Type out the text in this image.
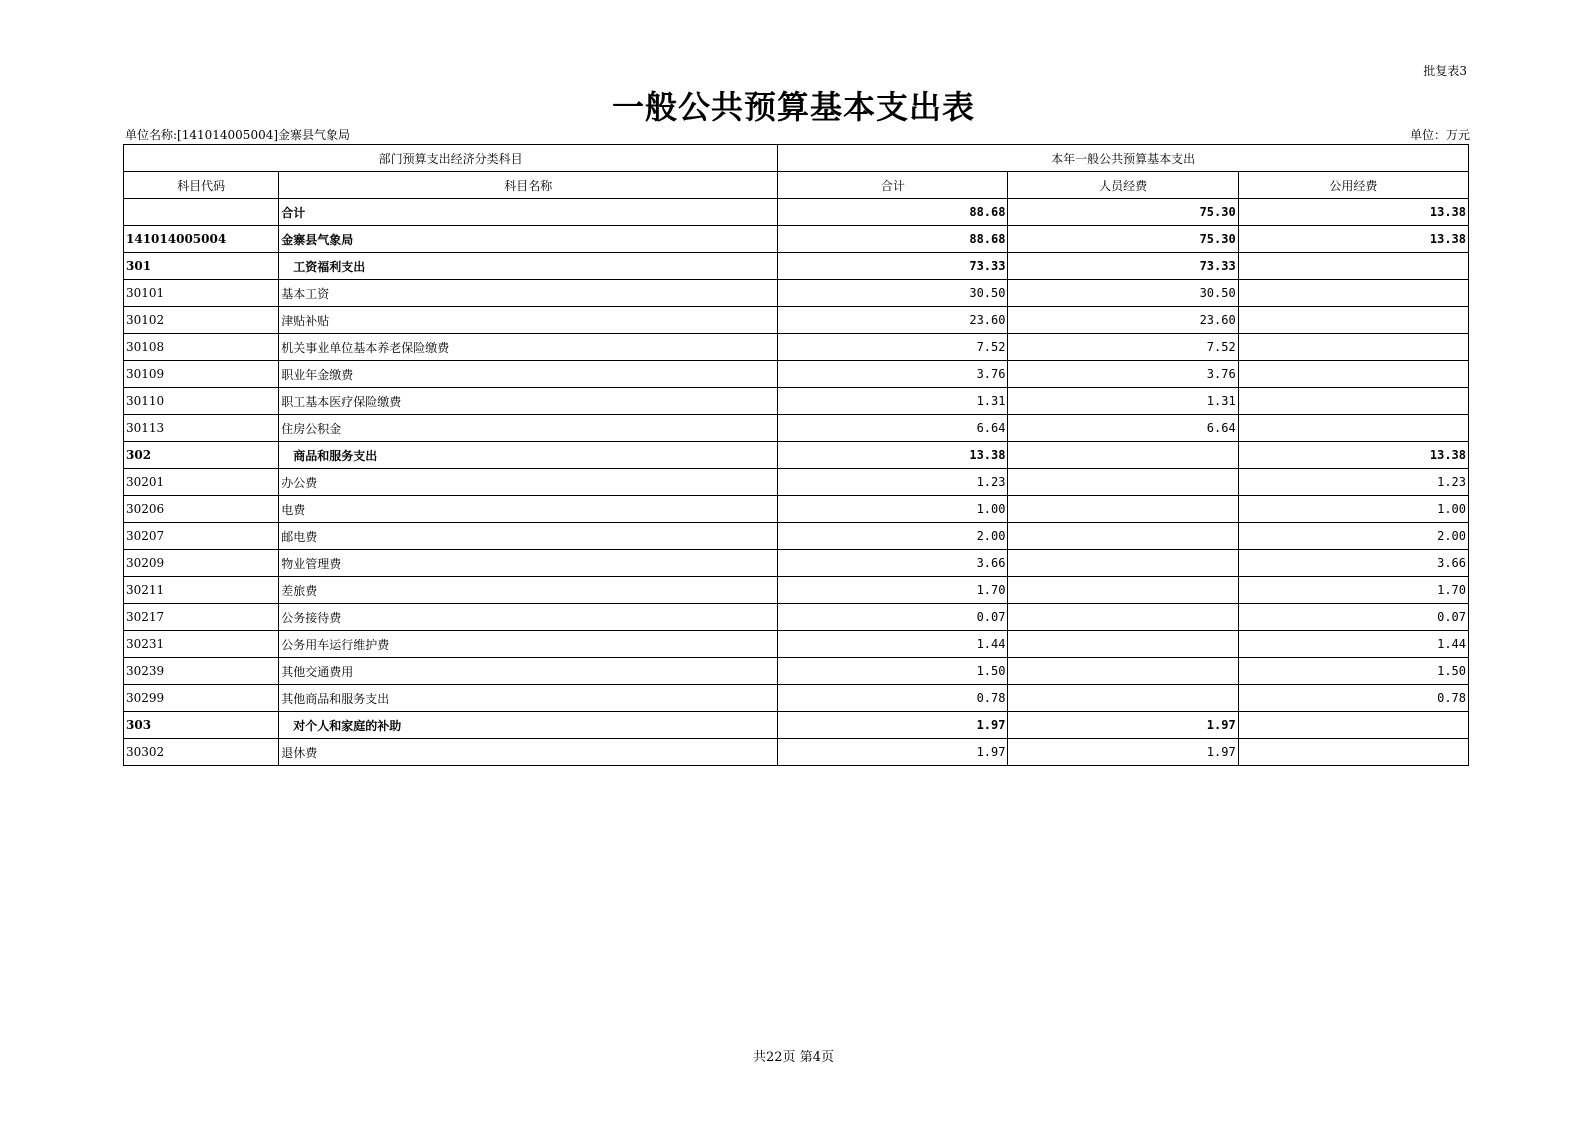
批复表3
一般公共预算基本支出表
单位名称:[141014005004]金寨县气象局	单位：万元
部门预算支出经济分类科目		本年一般公共预算基本支出		
科目代码	科目名称	合计	人员经费	公用经费
	合计	88.68	75.30	13.38
141014005004	金寨县气象局	88.68	75.30	13.38
301	工资福利支出	73.33	73.33	
30101	基本工资	30.50	30.50	
30102	津贴补贴	23.60	23.60	
30108	机关事业单位基本养老保险缴费	7.52	7.52	
30109	职业年金缴费	3.76	3.76	
30110	职工基本医疗保险缴费	1.31	1.31	
30113	住房公积金	6.64	6.64	
302	商品和服务支出	13.38		13.38
30201	办公费	1.23		1.23
30206	电费	1.00		1.00
30207	邮电费	2.00		2.00
30209	物业管理费	3.66		3.66
30211	差旅费	1.70		1.70
30217	公务接待费	0.07		0.07
30231	公务用车运行维护费	1.44		1.44
30239	其他交通费用	1.50		1.50
30299	其他商品和服务支出	0.78		0.78
303	对个人和家庭的补助	1.97	1.97	
30302	退休费	1.97	1.97	
共22页 第4页
